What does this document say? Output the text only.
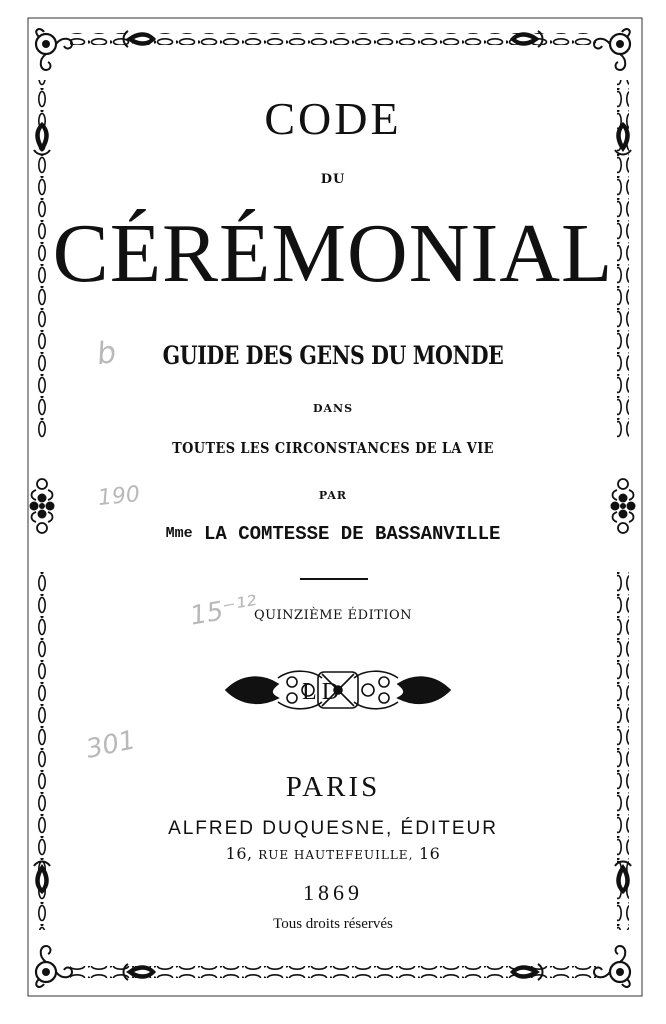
CODE
DU
CÉRÉMONIAL
GUIDE DES GENS DU MONDE
DANS
TOUTES LES CIRCONSTANCES DE LA VIE
PAR
Mme LA COMTESSE DE BASSANVILLE
QUINZIÈME ÉDITION
L D
PARIS
ALFRED DUQUESNE, ÉDITEUR
16, RUE HAUTEFEUILLE, 16
1869
Tous droits réservés
b
190
15⁻¹²
301
